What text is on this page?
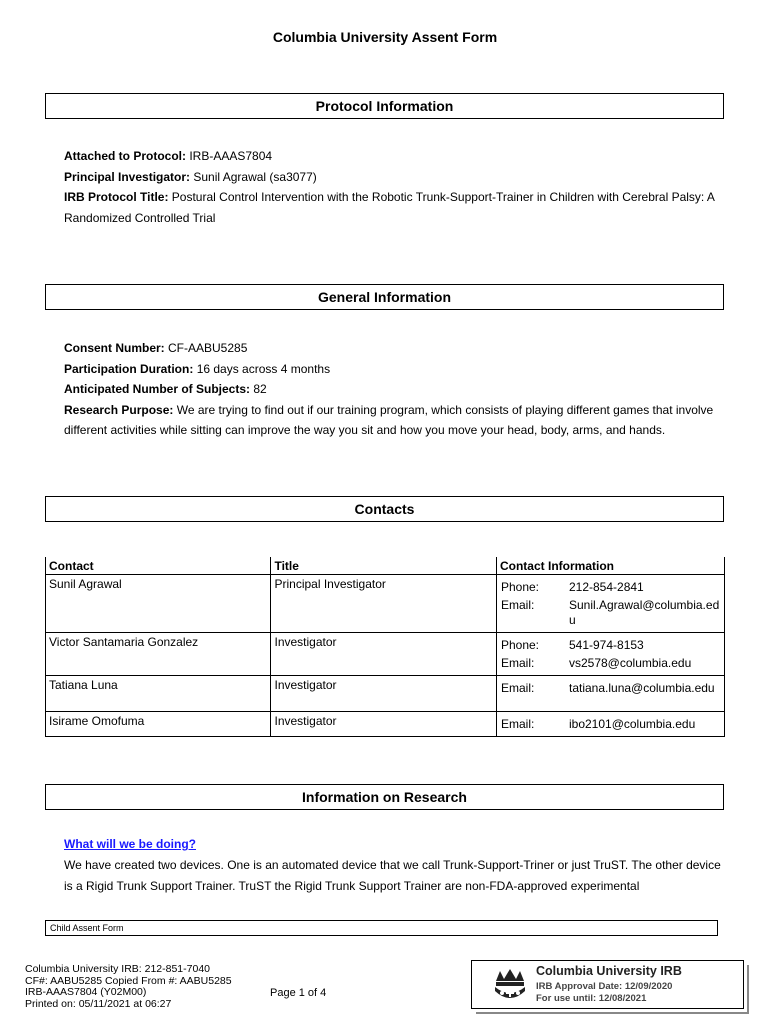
Columbia University Assent Form
Protocol Information
Attached to Protocol: IRB-AAAS7804
Principal Investigator: Sunil Agrawal (sa3077)
IRB Protocol Title: Postural Control Intervention with the Robotic Trunk-Support-Trainer in Children with Cerebral Palsy: A Randomized Controlled Trial
General Information
Consent Number: CF-AABU5285
Participation Duration: 16 days across 4 months
Anticipated Number of Subjects: 82
Research Purpose: We are trying to find out if our training program, which consists of playing different games that involve different activities while sitting can improve the way you sit and how you move your head, body, arms, and hands.
Contacts
Contact	Title	Contact Information
Sunil Agrawal	Principal Investigator	Phone: 212-854-2841
Email: Sunil.Agrawal@columbia.edu

Victor Santamaria Gonzalez	Investigator	Phone: 541-974-8153
Email: vs2578@columbia.edu

Tatiana Luna	Investigator	Email: tatiana.luna@columbia.edu

Isirame Omofuma	Investigator	Email: ibo2101@columbia.edu
Information on Research
What will we be doing?
We have created two devices. One is an automated device that we call Trunk-Support-Triner or just TruST. The other device is a Rigid Trunk Support Trainer. TruST the Rigid Trunk Support Trainer are non-FDA-approved experimental
Child Assent Form
Columbia University IRB: 212-851-7040
CF#: AABU5285 Copied From #: AABU5285
IRB-AAAS7804 (Y02M00)
Printed on: 05/11/2021 at 06:27
Page 1 of 4
Columbia University IRB
IRB Approval Date: 12/09/2020
For use until: 12/08/2021
